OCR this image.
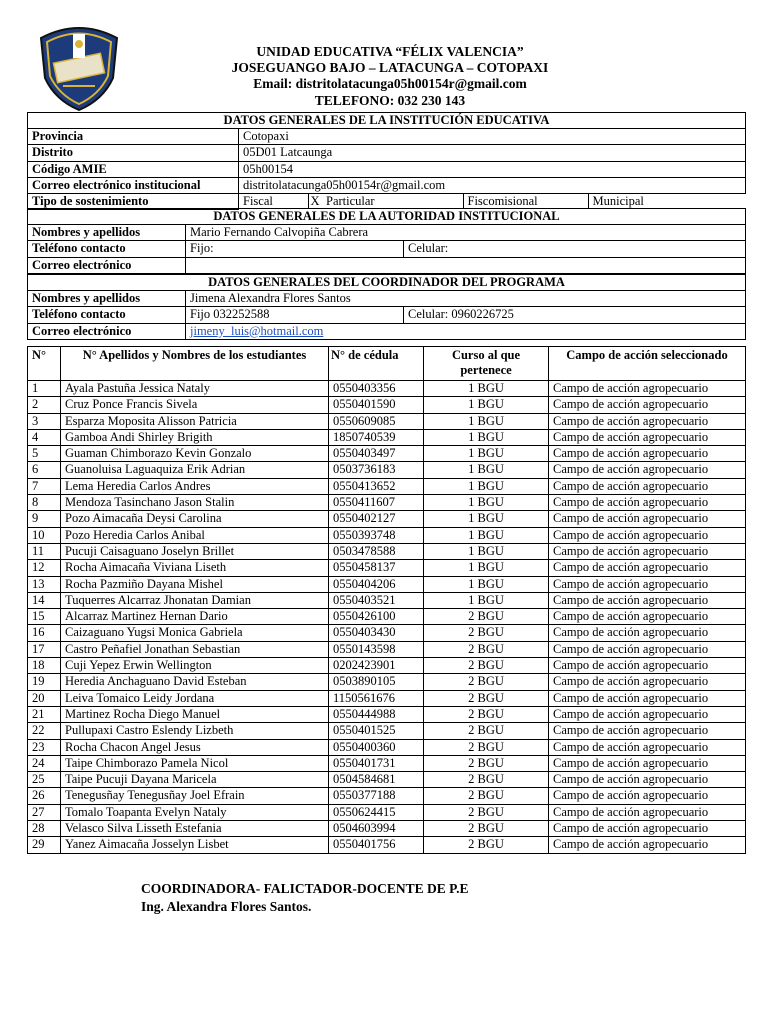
UNIDAD EDUCATIVA “FÉLIX VALENCIA”
JOSEGUANGO BAJO – LATACUNGA – COTOPAXI
Email: distritolatacunga05h00154r@gmail.com
TELEFONO: 032 230 143
DATOS GENERALES DE LA INSTITUCIÓN EDUCATIVA
Provincia	Cotopaxi
Distrito	05D01 Latcaunga
Código AMIE	05h00154
Correo electrónico institucional	distritolatacunga05h00154r@gmail.com
Tipo de sostenimiento		Fiscal	X	Particular	Fiscomisional	Municipal
DATOS GENERALES DE LA AUTORIDAD INSTITUCIONAL		
Nombres y apellidos	Mario Fernando Calvopiña Cabrera	
Teléfono contacto	Fijo:	Celular:
Correo electrónico		
DATOS GENERALES DEL COORDINADOR DEL PROGRAMA		
Nombres y apellidos	Jimena Alexandra Flores Santos	
Teléfono contacto	Fijo 032252588	Celular: 0960226725
Correo electrónico	jimeny_luis@hotmail.com	
N°	N° Apellidos y Nombres de los estudiantes	N° de cédula	Curso al que pertenece	Campo de acción seleccionado
1	Ayala Pastuña Jessica Nataly	0550403356	1 BGU	Campo de acción agropecuario
2	Cruz Ponce Francis Sivela	0550401590	1 BGU	Campo de acción agropecuario
3	Esparza Moposita Alisson Patricia	0550609085	1 BGU	Campo de acción agropecuario
4	Gamboa Andi Shirley Brigith	1850740539	1 BGU	Campo de acción agropecuario
5	Guaman Chimborazo Kevin Gonzalo	0550403497	1 BGU	Campo de acción agropecuario
6	Guanoluisa Laguaquiza Erik Adrian	0503736183	1 BGU	Campo de acción agropecuario
7	Lema Heredia Carlos Andres	0550413652	1 BGU	Campo de acción agropecuario
8	Mendoza Tasinchano Jason Stalin	0550411607	1 BGU	Campo de acción agropecuario
9	Pozo Aimacaña Deysi Carolina	0550402127	1 BGU	Campo de acción agropecuario
10	Pozo Heredia Carlos Anibal	0550393748	1 BGU	Campo de acción agropecuario
11	Pucuji Caisaguano Joselyn Brillet	0503478588	1 BGU	Campo de acción agropecuario
12	Rocha Aimacaña Viviana Liseth	0550458137	1 BGU	Campo de acción agropecuario
13	Rocha Pazmiño Dayana Mishel	0550404206	1 BGU	Campo de acción agropecuario
14	Tuquerres Alcarraz Jhonatan Damian	0550403521	1 BGU	Campo de acción agropecuario
15	Alcarraz Martinez Hernan Dario	0550426100	2 BGU	Campo de acción agropecuario
16	Caizaguano Yugsi Monica Gabriela	0550403430	2 BGU	Campo de acción agropecuario
17	Castro Peñafiel Jonathan Sebastian	0550143598	2 BGU	Campo de acción agropecuario
18	Cuji Yepez Erwin Wellington	0202423901	2 BGU	Campo de acción agropecuario
19	Heredia Anchaguano David Esteban	0503890105	2 BGU	Campo de acción agropecuario
20	Leiva Tomaico Leidy Jordana	1150561676	2 BGU	Campo de acción agropecuario
21	Martinez Rocha Diego Manuel	0550444988	2 BGU	Campo de acción agropecuario
22	Pullupaxi Castro Eslendy Lizbeth	0550401525	2 BGU	Campo de acción agropecuario
23	Rocha Chacon Angel Jesus	0550400360	2 BGU	Campo de acción agropecuario
24	Taipe Chimborazo Pamela Nicol	0550401731	2 BGU	Campo de acción agropecuario
25	Taipe Pucuji Dayana Maricela	0504584681	2 BGU	Campo de acción agropecuario
26	Tenegusñay Tenegusñay Joel Efrain	0550377188	2 BGU	Campo de acción agropecuario
27	Tomalo Toapanta Evelyn Nataly	0550624415	2 BGU	Campo de acción agropecuario
28	Velasco Silva Lisseth Estefania	0504603994	2 BGU	Campo de acción agropecuario
29	Yanez Aimacaña Josselyn Lisbet	0550401756	2 BGU	Campo de acción agropecuario
COORDINADORA- FALICTADOR-DOCENTE DE P.E
Ing. Alexandra Flores Santos.
